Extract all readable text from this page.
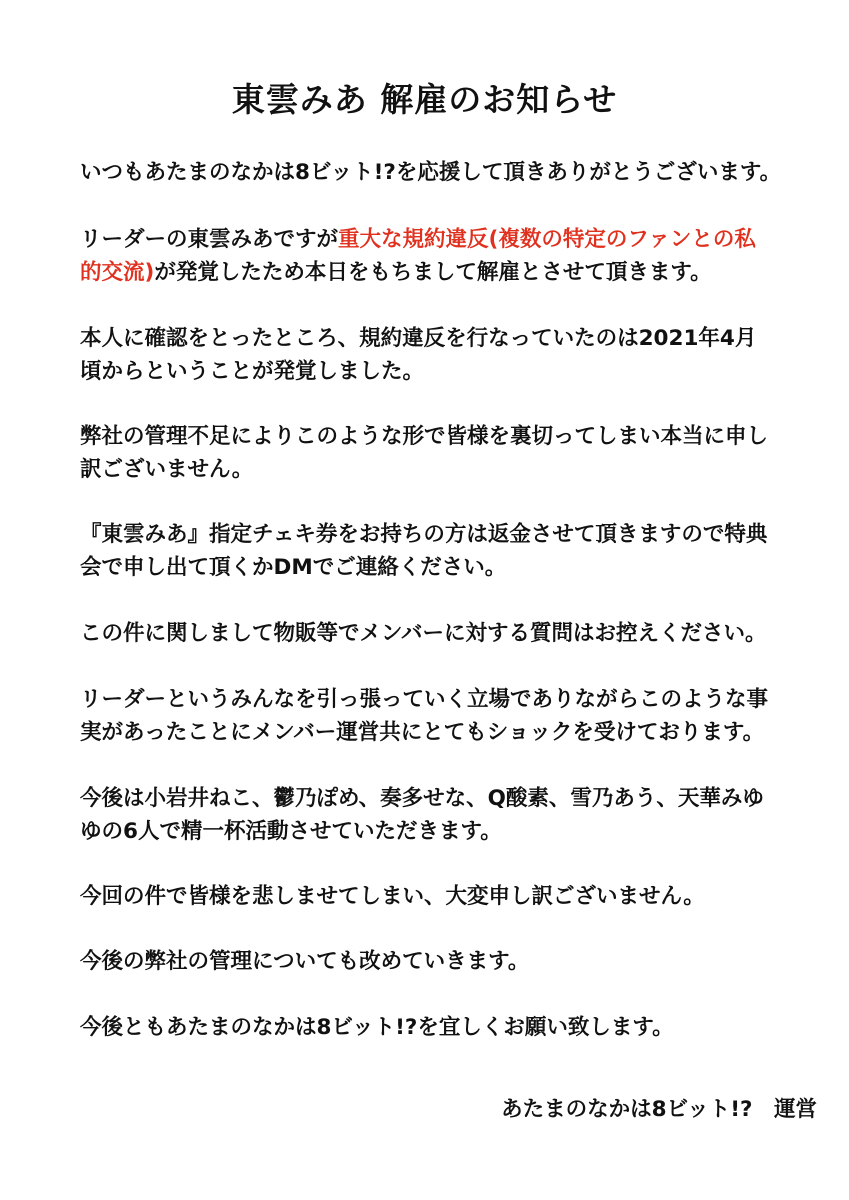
東雲みあ 解雇のお知らせ
いつもあたまのなかは8ビット!?を応援して頂きありがとうございます。
リーダーの東雲みあですが重大な規約違反(複数の特定のファンとの私
的交流)が発覚したため本日をもちまして解雇とさせて頂きます。
本人に確認をとったところ、規約違反を行なっていたのは2021年4月
頃からということが発覚しました。
弊社の管理不足によりこのような形で皆様を裏切ってしまい本当に申し
訳ございません。
『東雲みあ』指定チェキ券をお持ちの方は返金させて頂きますので特典
会で申し出て頂くかDMでご連絡ください。
この件に関しまして物販等でメンバーに対する質問はお控えください。
リーダーというみんなを引っ張っていく立場でありながらこのような事
実があったことにメンバー運営共にとてもショックを受けております。
今後は小岩井ねこ、鬱乃ぽめ、奏多せな、Q酸素、雪乃あう、天華みゆ
ゆの6人で精一杯活動させていただきます。
今回の件で皆様を悲しませてしまい、大変申し訳ございません。
今後の弊社の管理についても改めていきます。
今後ともあたまのなかは8ビット!?を宜しくお願い致します。
あたまのなかは8ビット!?　運営
